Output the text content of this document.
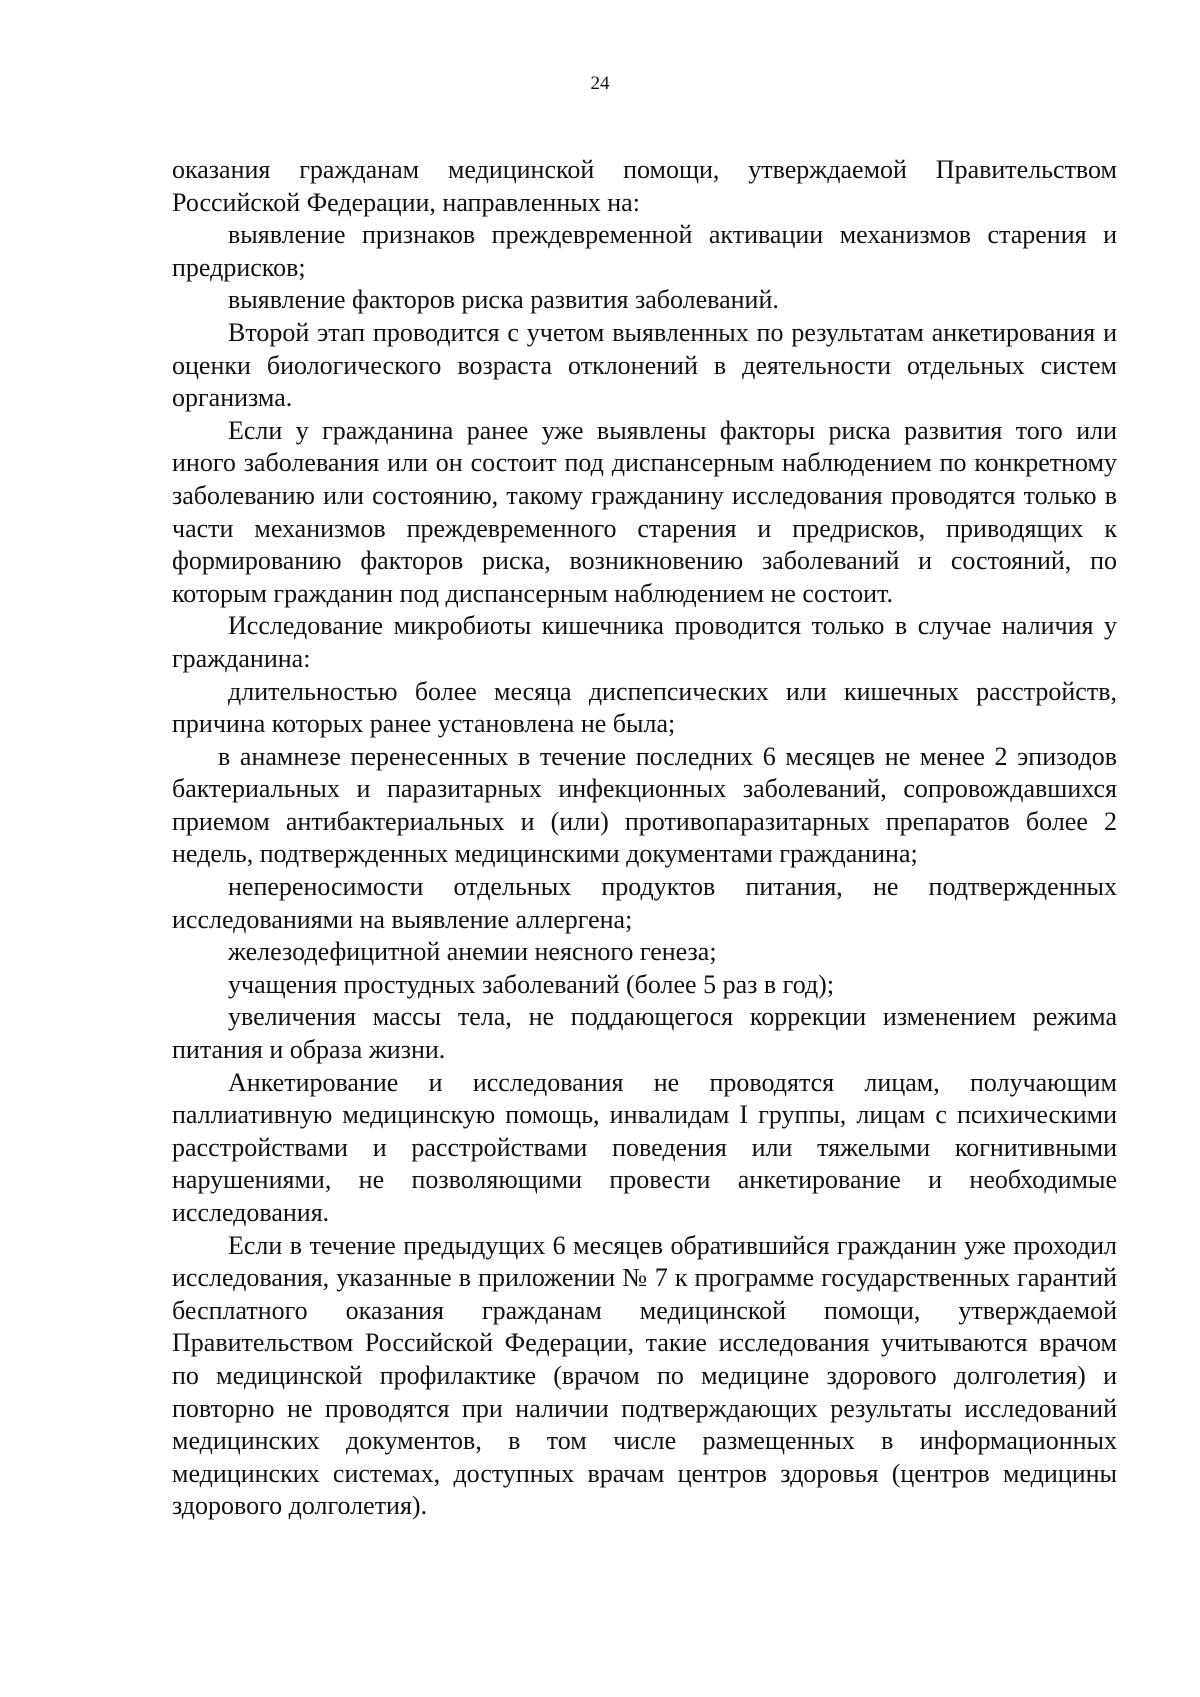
24

оказания гражданам медицинской помощи, утверждаемой Правительством Российской Федерации, направленных на:

выявление признаков преждевременной активации механизмов старения и предрисков;

выявление факторов риска развития заболеваний.

Второй этап проводится с учетом выявленных по результатам анкетирования и оценки биологического возраста отклонений в деятельности отдельных систем организма.

Если у гражданина ранее уже выявлены факторы риска развития того или иного заболевания или он состоит под диспансерным наблюдением по конкретному заболеванию или состоянию, такому гражданину исследования проводятся только в части механизмов преждевременного старения и предрисков, приводящих к формированию факторов риска, возникновению заболеваний и состояний, по которым гражданин под диспансерным наблюдением не состоит.

Исследование микробиоты кишечника проводится только в случае наличия у гражданина:

длительностью более месяца диспепсических или кишечных расстройств, причина которых ранее установлена не была;

в анамнезе перенесенных в течение последних 6 месяцев не менее 2 эпизодов бактериальных и паразитарных инфекционных заболеваний, сопровождавшихся приемом антибактериальных и (или) противопаразитарных препаратов более 2 недель, подтвержденных медицинскими документами гражданина;

непереносимости отдельных продуктов питания, не подтвержденных исследованиями на выявление аллергена;

железодефицитной анемии неясного генеза;

учащения простудных заболеваний (более 5 раз в год);

увеличения массы тела, не поддающегося коррекции изменением режима питания и образа жизни.

Анкетирование и исследования не проводятся лицам, получающим паллиативную медицинскую помощь, инвалидам I группы, лицам с психическими расстройствами и расстройствами поведения или тяжелыми когнитивными нарушениями, не позволяющими провести анкетирование и необходимые исследования.

Если в течение предыдущих 6 месяцев обратившийся гражданин уже проходил исследования, указанные в приложении № 7 к программе государственных гарантий бесплатного оказания гражданам медицинской помощи, утверждаемой Правительством Российской Федерации, такие исследования учитываются врачом по медицинской профилактике (врачом по медицине здорового долголетия) и повторно не проводятся при наличии подтверждающих результаты исследований медицинских документов, в том числе размещенных в информационных медицинских системах, доступных врачам центров здоровья (центров медицины здорового долголетия).
